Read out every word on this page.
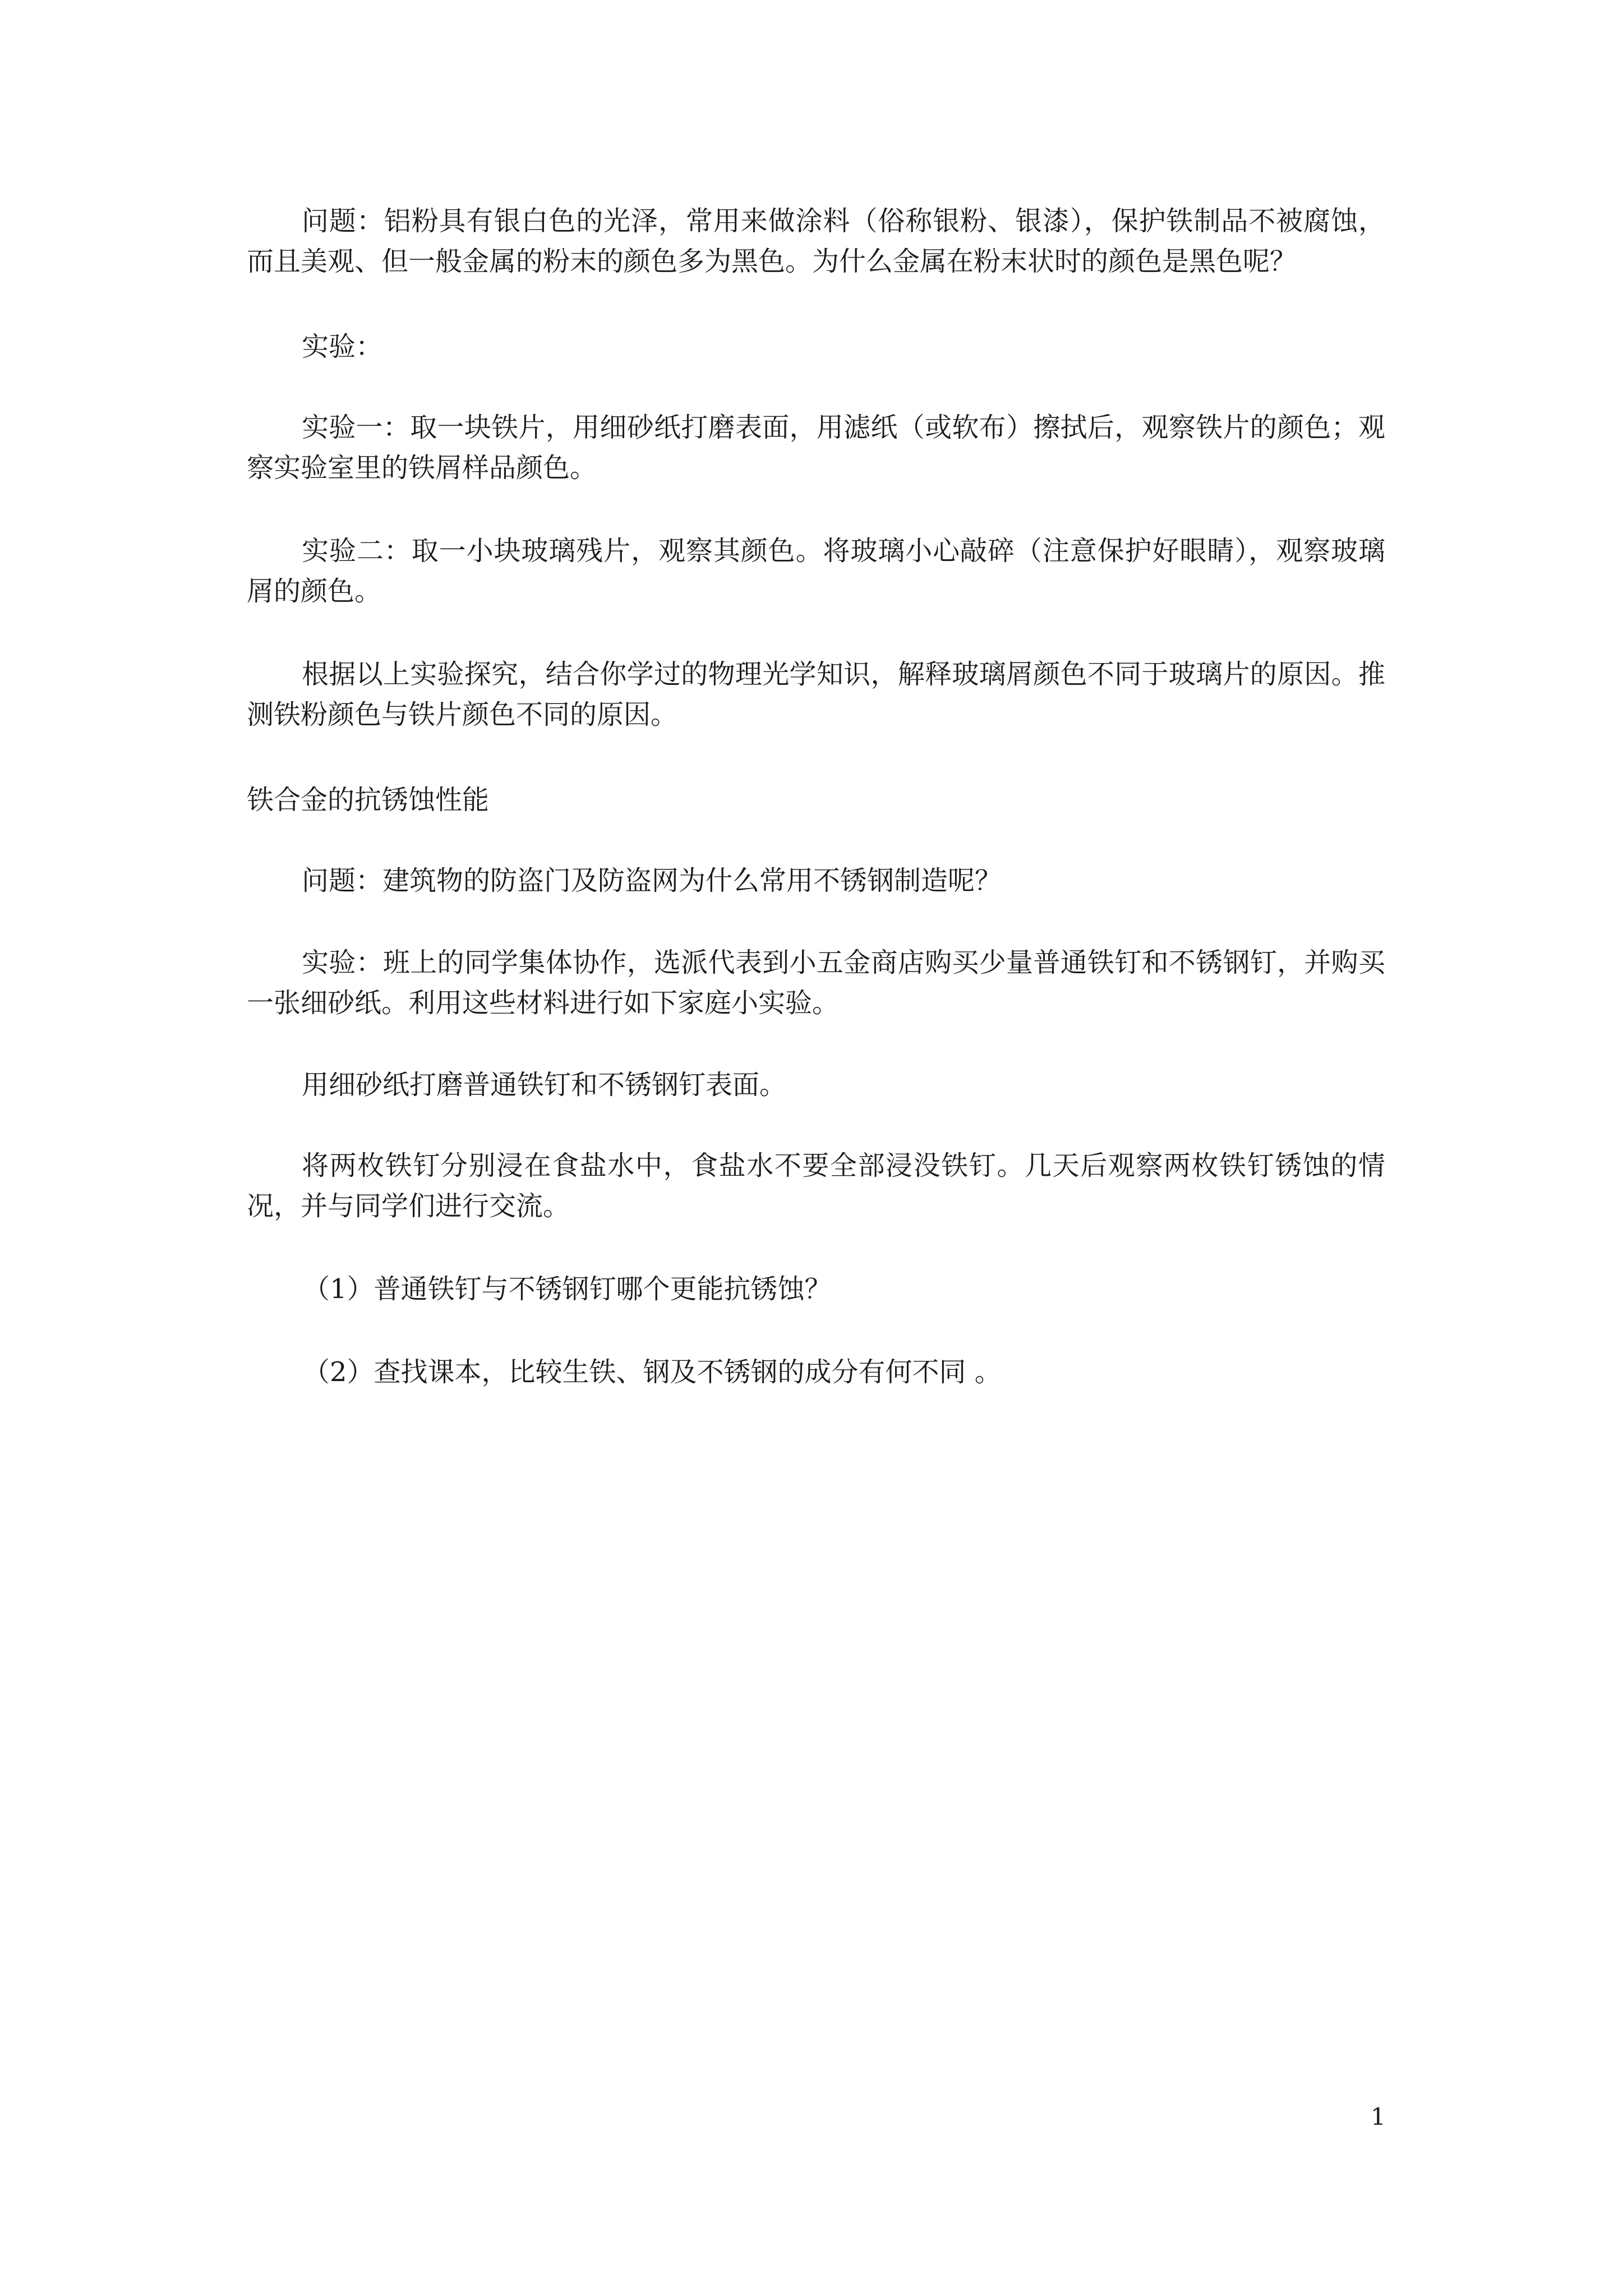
问题：铝粉具有银白色的光泽，常用来做涂料（俗称银粉、银漆），保护铁制品不被腐蚀，而且美观、但一般金属的粉末的颜色多为黑色。为什么金属在粉末状时的颜色是黑色呢？

实验：

实验一：取一块铁片，用细砂纸打磨表面，用滤纸（或软布）擦拭后，观察铁片的颜色；观察实验室里的铁屑样品颜色。

实验二：取一小块玻璃残片，观察其颜色。将玻璃小心敲碎（注意保护好眼睛），观察玻璃屑的颜色。

根据以上实验探究，结合你学过的物理光学知识，解释玻璃屑颜色不同于玻璃片的原因。推测铁粉颜色与铁片颜色不同的原因。

铁合金的抗锈蚀性能

问题：建筑物的防盗门及防盗网为什么常用不锈钢制造呢？

实验：班上的同学集体协作，选派代表到小五金商店购买少量普通铁钉和不锈钢钉，并购买一张细砂纸。利用这些材料进行如下家庭小实验。

用细砂纸打磨普通铁钉和不锈钢钉表面。

将两枚铁钉分别浸在食盐水中，食盐水不要全部浸没铁钉。几天后观察两枚铁钉锈蚀的情况，并与同学们进行交流。

（1）普通铁钉与不锈钢钉哪个更能抗锈蚀？

（2）查找课本，比较生铁、钢及不锈钢的成分有何不同 。

1
